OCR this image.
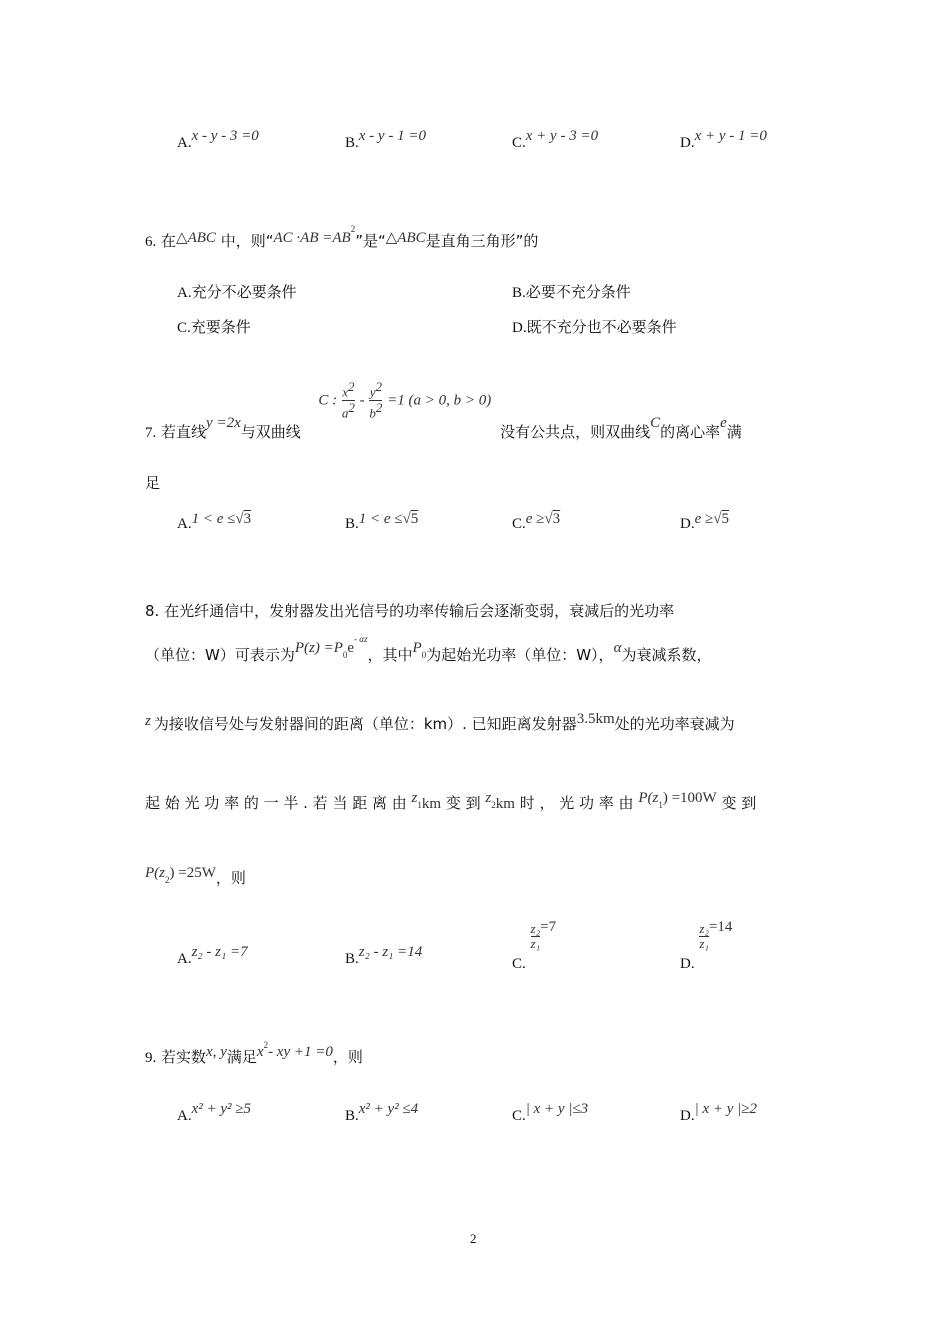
A.x - y - 3 =0	B.x - y - 1 =0	C.x + y - 3 =0	D.x + y - 1 =0
6. 在△ABC 中，则“AC $\cdot AB =AB^2$”是“△ABC是直角三角形”的
A.充分不必要条件	B.必要不充分条件
C.充要条件	D.既不充分也不必要条件
7. 若直线y =2x与双曲线  C : $\frac{x2}{a2} - \frac{y2}{b2} =1$ (a > 0, b > 0) 没有公共点，则双曲线C的离心率e满
足
A.1 < e ≤√3	B.1 < e ≤√5	C.e ≥√3	D.e ≥√5
8. 在光纤通信中，发射器发出光信号的功率传输后会逐渐变弱，衰减后的光功率
（单位：W）可表示为$P(z) =P_0e^{- \alpha z}$，其中$P_0$为起始光功率（单位：W），α为衰减系数，
z 为接收信号处与发射器间的距离（单位：km）. 已知距离发射器3.5km处的光功率衰减为
起 始 光 功 率 的 一 半 . 若 当 距 离 由 $z_1km$ 变 到 $z_2km$ 时 ， 光 功 率 由 $P(z_1) =100W$ 变 到
$P(z_2) =25W$，则
A.z₂ - z₁ =7	B.z₂ - z₁ =14
C.
$\frac{\text{z₂}}{\text{z₁}} =7$
D.
$\frac{\text{z₂}}{\text{z₁}} =14$
9. 若实数x, y满足$x^2-$ xy +1 =0，则
A.x² + y² ≥5	B.x² + y² ≤4	C.| x + y |≤3	D.| x + y |≥2
2
